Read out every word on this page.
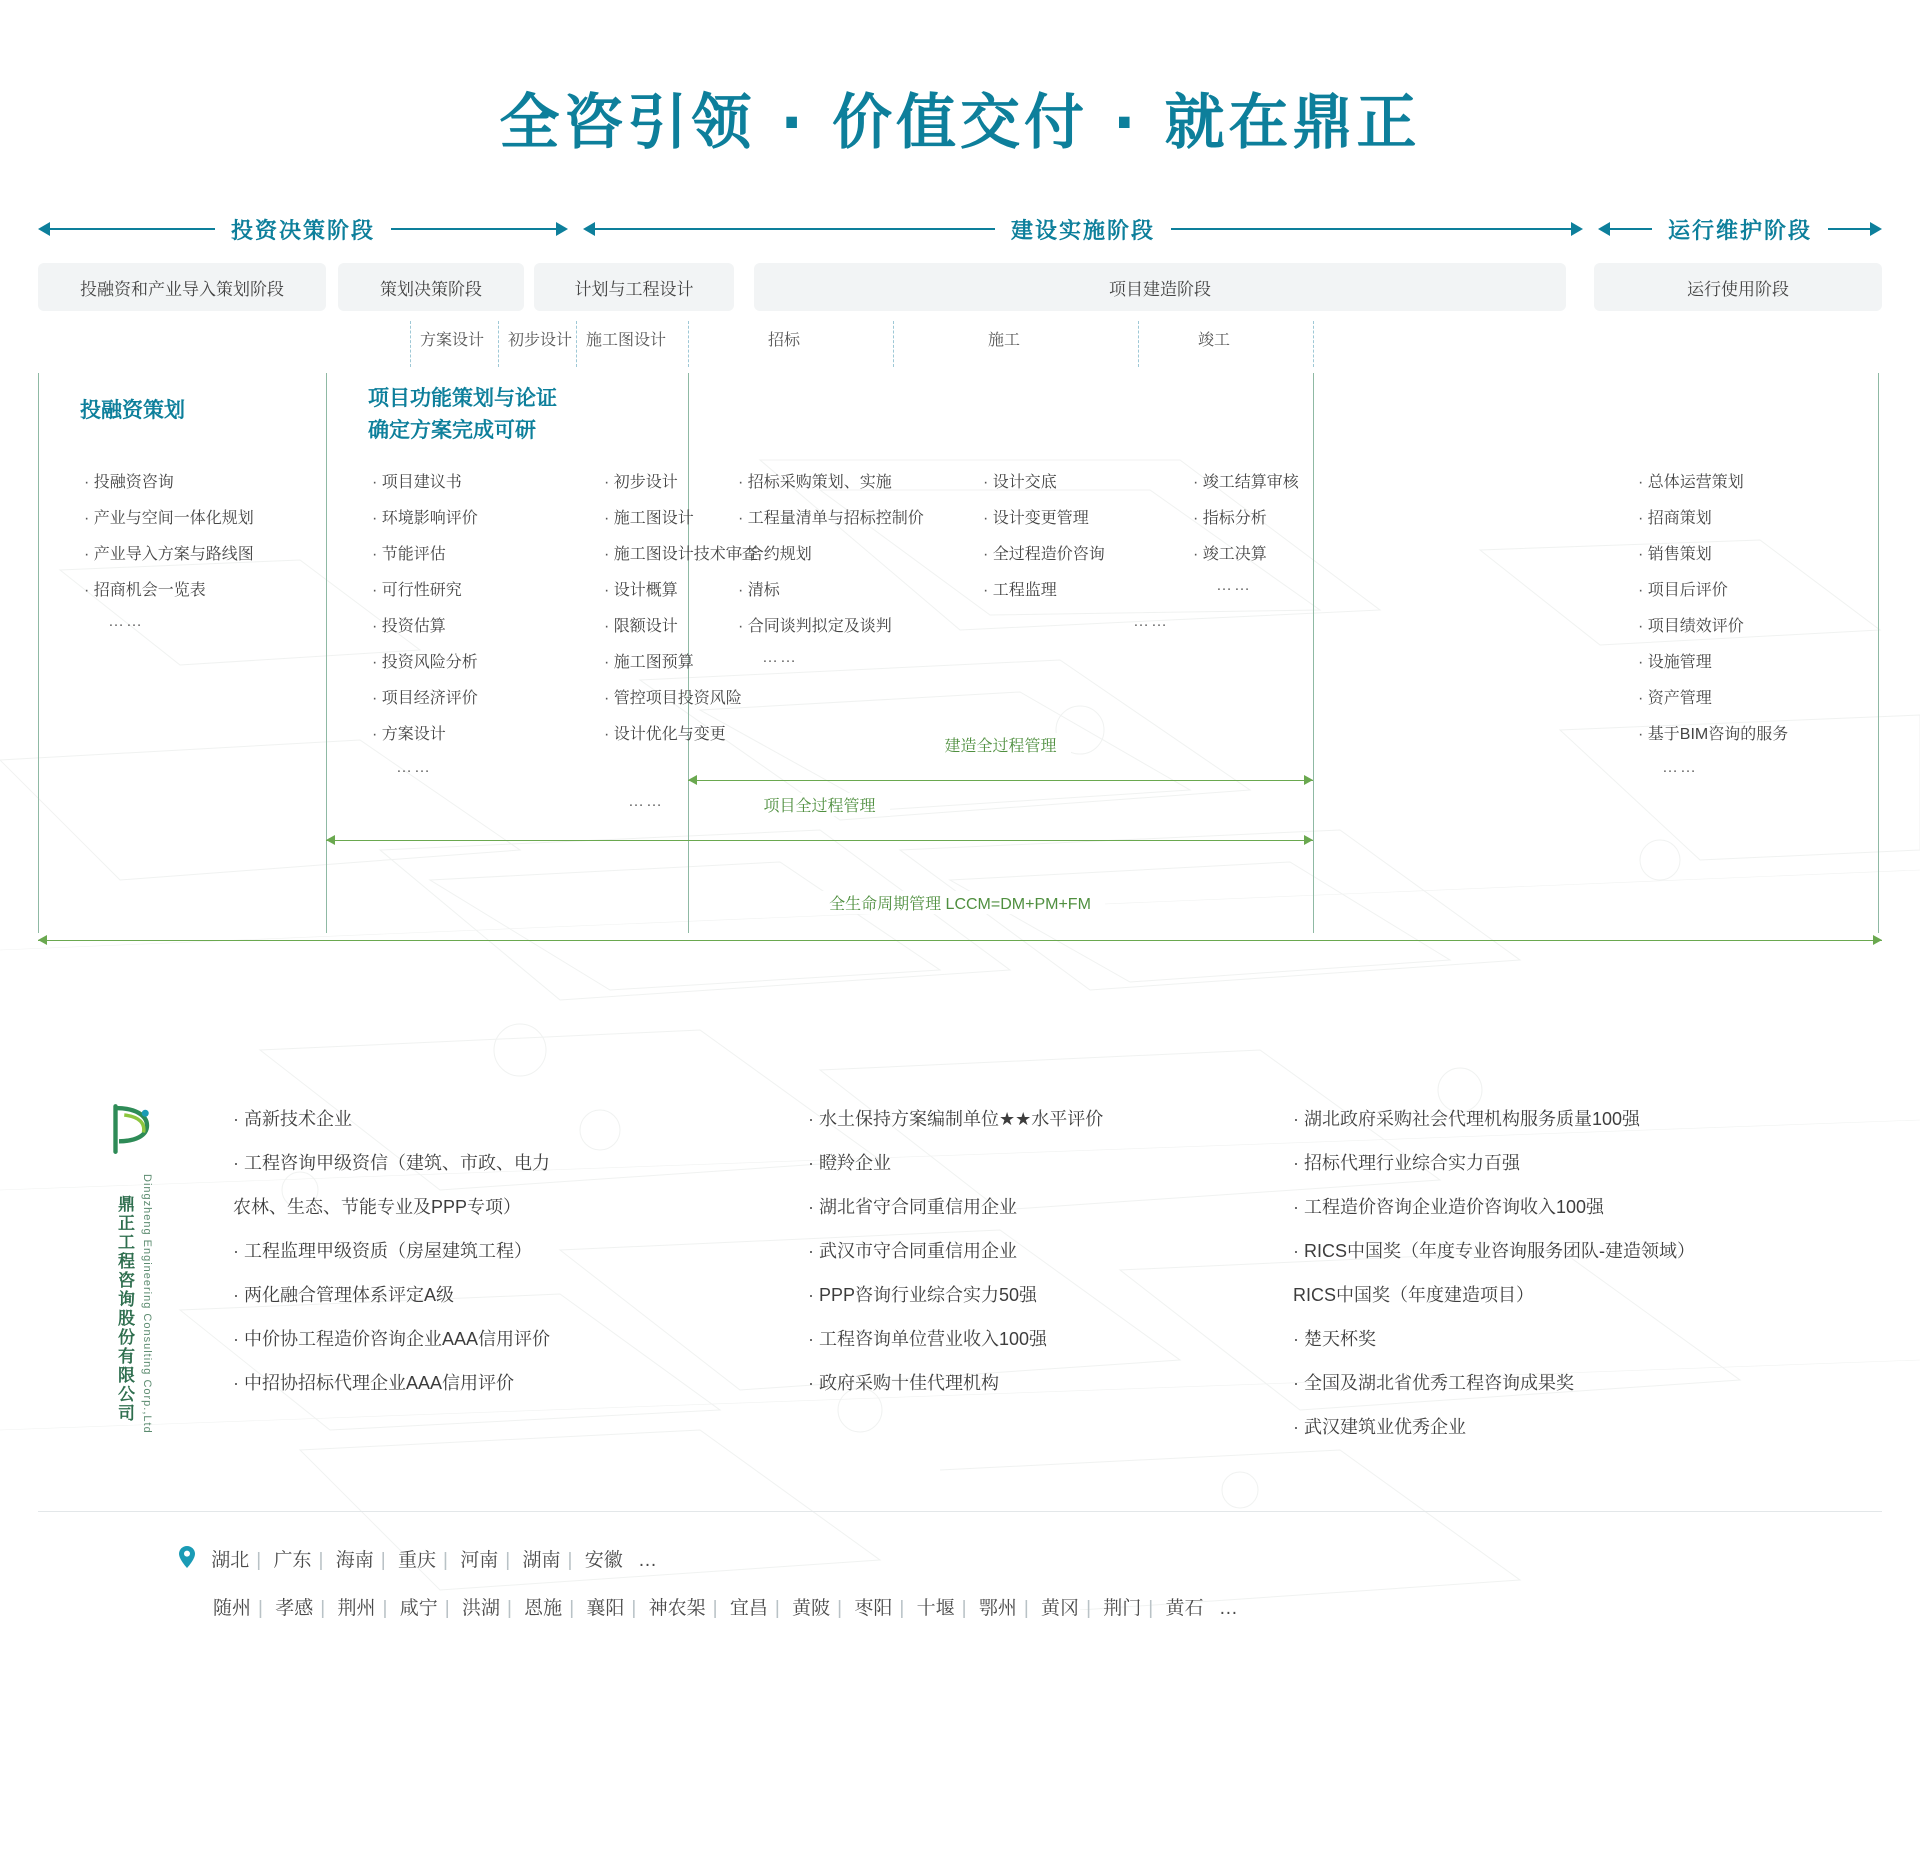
全咨引领 · 价值交付 · 就在鼎正
投资决策阶段	建设实施阶段	运行维护阶段
投融资和产业导入策划阶段	策划决策阶段	计划与工程设计	项目建造阶段	运行使用阶段
方案设计 初步设计 施工图设计	招标	施工	竣工
投融资策划
· 投融资咨询
· 产业与空间一体化规划
· 产业导入方案与路线图
· 招商机会一览表
……
项目功能策划与论证
确定方案完成可研
· 项目建议书
· 环境影响评价
· 节能评估
· 可行性研究
· 投资估算
· 投资风险分析
· 项目经济评价
· 方案设计
……
· 初步设计
· 施工图设计
· 施工图设计技术审查
· 设计概算
· 限额设计
· 施工图预算
· 管控项目投资风险
· 设计优化与变更
……
· 招标采购策划、实施
· 工程量清单与招标控制价
· 合约规划
· 清标
· 合同谈判拟定及谈判
……
· 设计交底
· 设计变更管理
· 全过程造价咨询
· 工程监理
……
· 竣工结算审核
· 指标分析
· 竣工决算
……
· 总体运营策划
· 招商策划
· 销售策划
· 项目后评价
· 项目绩效评价
· 设施管理
· 资产管理
· 基于BIM咨询的服务
……
建造全过程管理
项目全过程管理
全生命周期管理 LCCM=DM+PM+FM
鼎正工程咨询股份有限公司 Dingzheng Engineering Consulting Corp.,Ltd
· 高新技术企业
· 工程咨询甲级资信（建筑、市政、电力
农林、生态、节能专业及PPP专项）
· 工程监理甲级资质（房屋建筑工程）
· 两化融合管理体系评定A级
· 中价协工程造价咨询企业AAA信用评价
· 中招协招标代理企业AAA信用评价
· 水土保持方案编制单位★★水平评价
· 瞪羚企业
· 湖北省守合同重信用企业
· 武汉市守合同重信用企业
· PPP咨询行业综合实力50强
· 工程咨询单位营业收入100强
· 政府采购十佳代理机构
· 湖北政府采购社会代理机构服务质量100强
· 招标代理行业综合实力百强
· 工程造价咨询企业造价咨询收入100强
· RICS中国奖（年度专业咨询服务团队-建造领域）
RICS中国奖（年度建造项目）
· 楚天杯奖
· 全国及湖北省优秀工程咨询成果奖
· 武汉建筑业优秀企业
湖北 | 广东 | 海南 | 重庆 | 河南 | 湖南 | 安徽 …
随州 | 孝感 | 荆州 | 咸宁 | 洪湖 | 恩施 | 襄阳 | 神农架 | 宜昌 | 黄陂 | 枣阳 | 十堰 | 鄂州 | 黄冈 | 荆门 | 黄石 …
